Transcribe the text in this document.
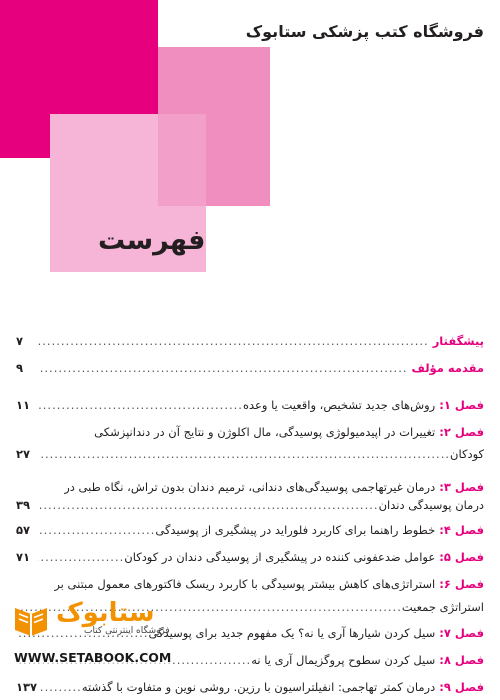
فروشگاه کتب پزشکی ستابوک
فهرست
پیشگفتار
.....
۷
مقدمه مؤلف
.....
۹
فصل ۱:
روش‌های جدید تشخیص، واقعیت یا وعده
.....
۱۱
فصل ۲:
تغییرات در اپیدمیولوژی پوسیدگی، مال اکلوژن و نتایج آن در دندانپزشکی
کودکان
.....
۲۷
فصل ۳:
درمان غیرتهاجمی پوسیدگی‌های دندانی، ترمیم دندان بدون تراش، نگاه طبی در
درمان پوسیدگی دندان
.....
۳۹
فصل ۴:
خطوط راهنما برای کاربرد فلوراید در پیشگیری از پوسیدگی
.....
۵۷
فصل ۵:
عوامل ضدعفونی کننده در پیشگیری از پوسیدگی دندان در کودکان
.....
۷۱
فصل ۶:
استراتژی‌های کاهش بیشتر پوسیدگی با کاربرد ریسک فاکتورهای معمول مبتنی بر
استراتژی جمعیت
.....
فصل ۷:
سیل کردن شیارها آری یا نه؟ یک مفهوم جدید برای پوسیدگی
.....
فصل ۸:
سیل کردن سطوح پروگزیمال آری یا نه
.....
فصل ۹:
درمان کمتر تهاجمی: انفیلتراسیون با رزین. روشی نوین و متفاوت با گذشته
.....
۱۳۷
ستابوک
فروشگاه اینترنتی کتاب
WWW.SETABOOK.COM
